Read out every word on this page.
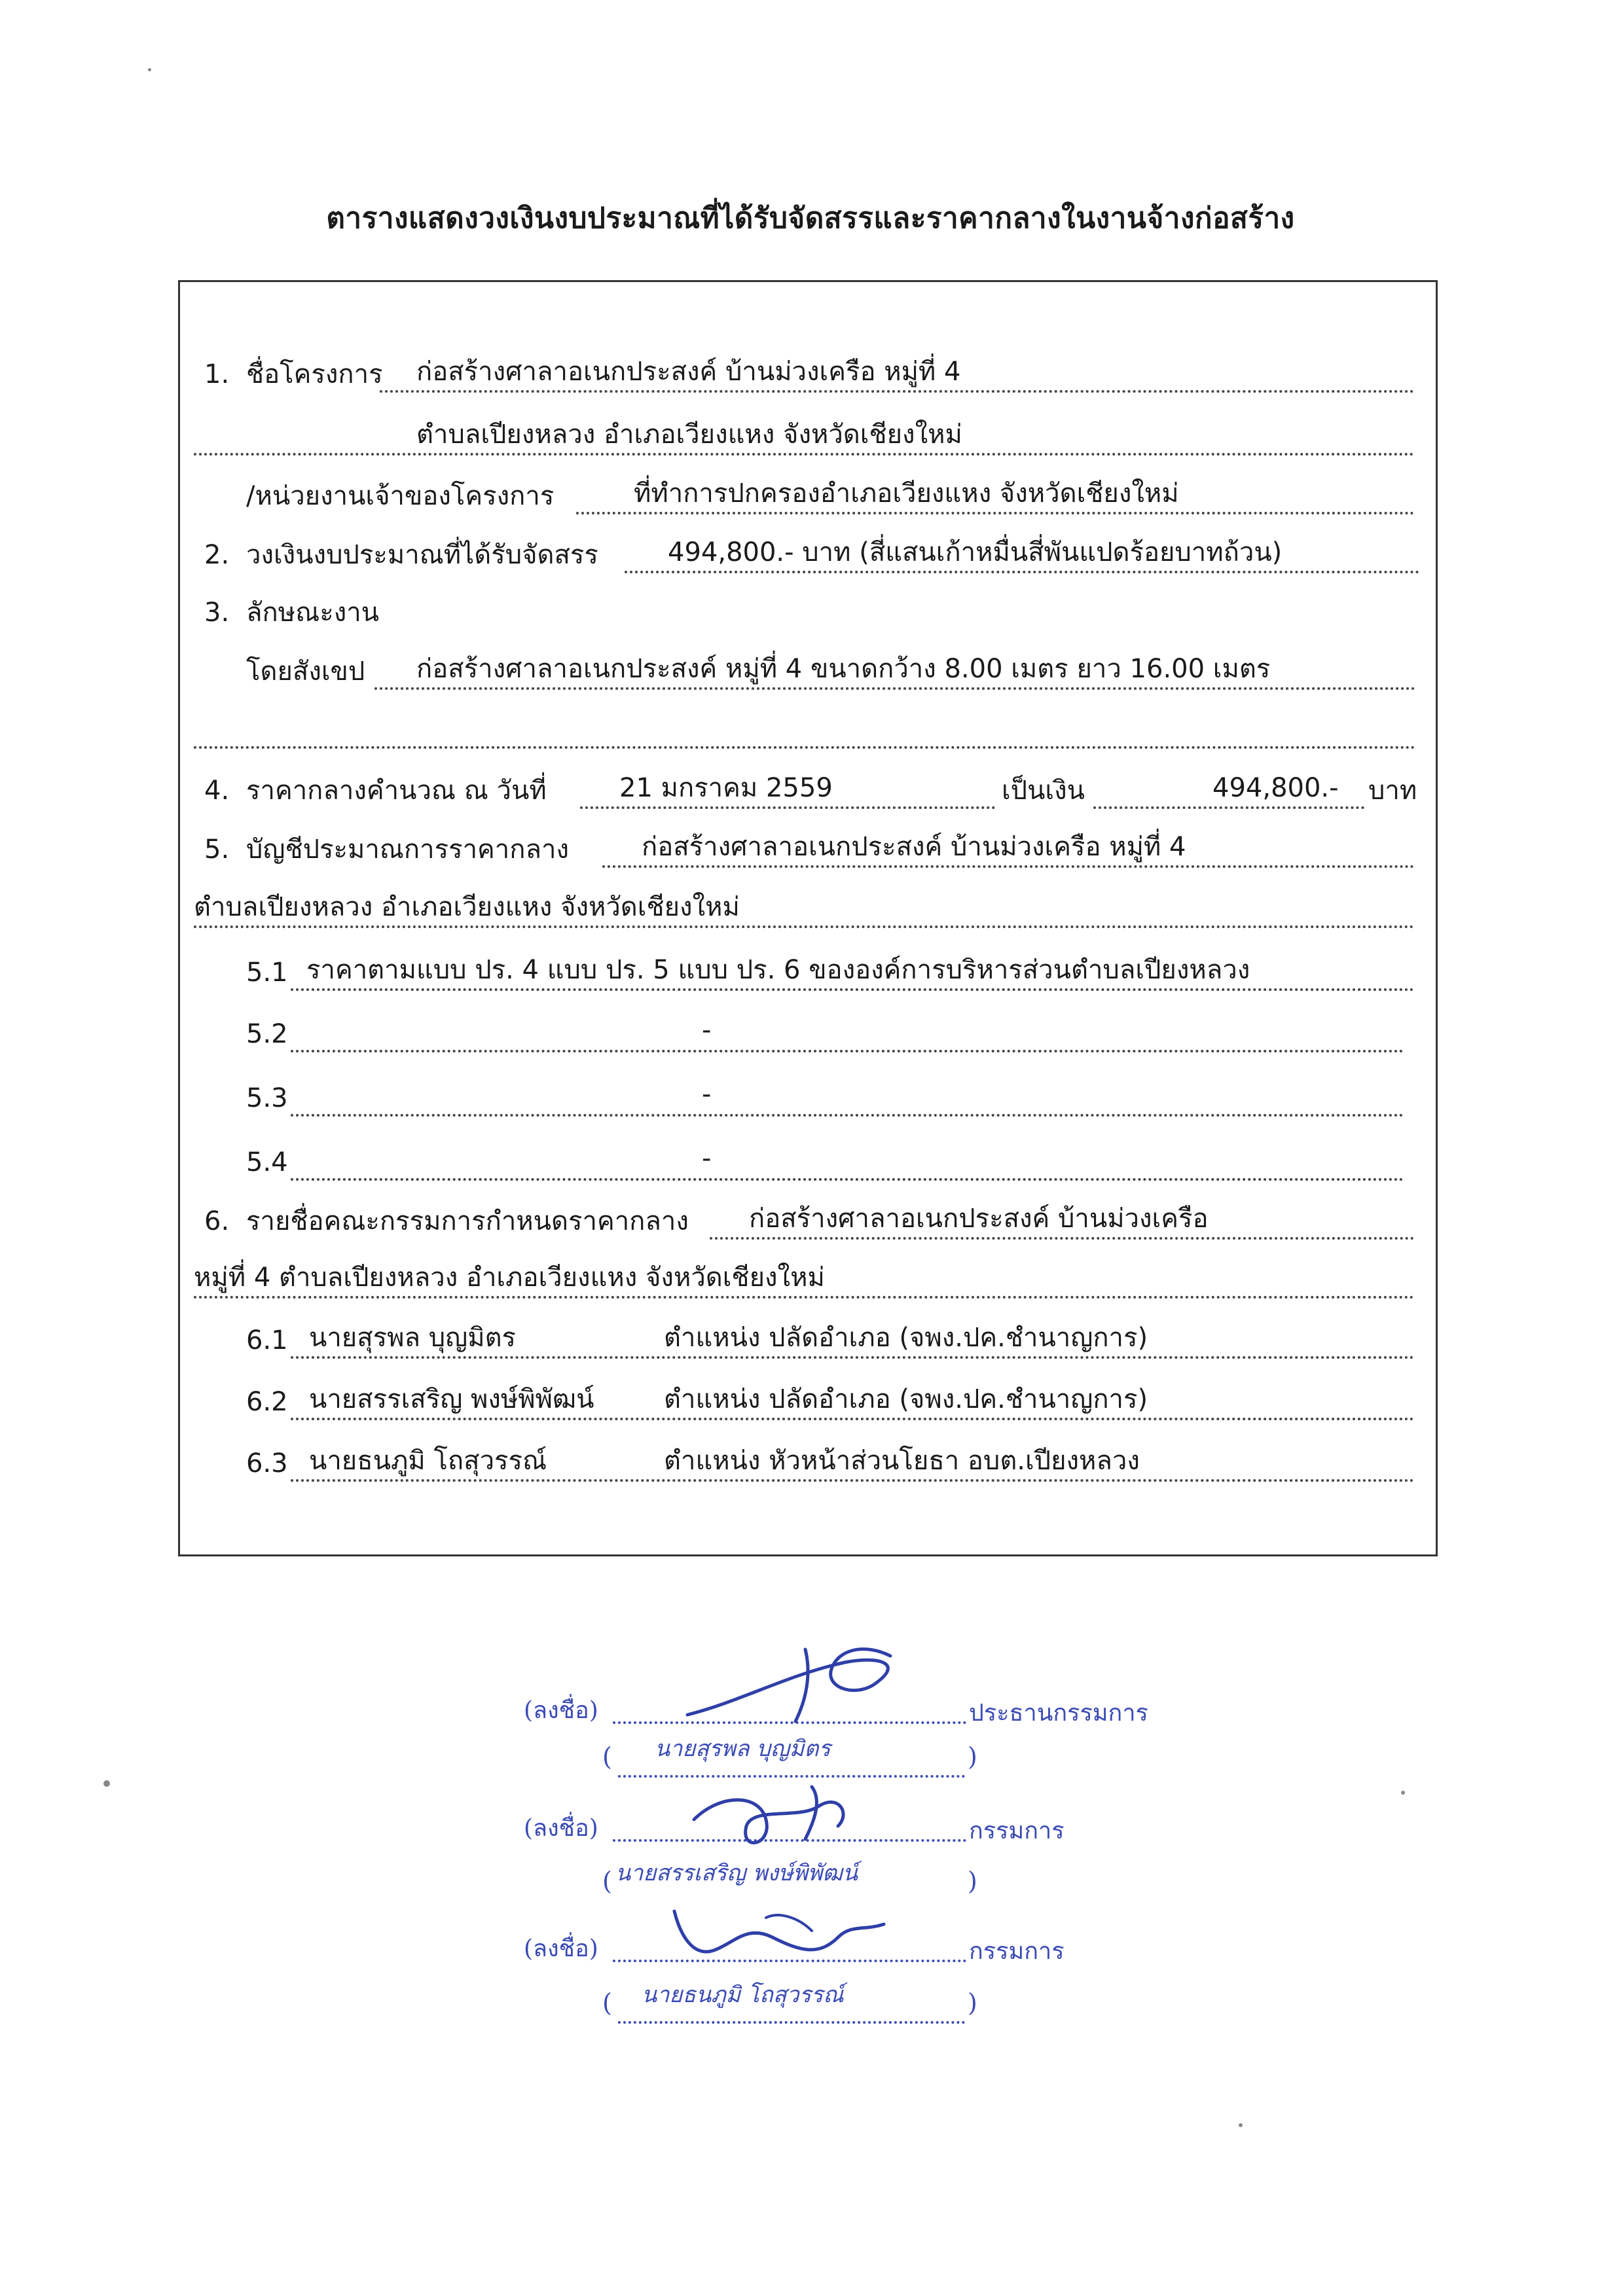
ตารางแสดงวงเงินงบประมาณที่ได้รับจัดสรรและราคากลางในงานจ้างก่อสร้าง
1. ชื่อโครงการ ก่อสร้างศาลาอเนกประสงค์ บ้านม่วงเครือ หมู่ที่ 4
ตำบลเปียงหลวง อำเภอเวียงแหง จังหวัดเชียงใหม่
/หน่วยงานเจ้าของโครงการ	ที่ทำการปกครองอำเภอเวียงแหง จังหวัดเชียงใหม่
2. วงเงินงบประมาณที่ได้รับจัดสรร	494,800.- บาท (สี่แสนเก้าหมื่นสี่พันแปดร้อยบาทถ้วน)
3. ลักษณะงาน
โดยสังเขป ก่อสร้างศาลาอเนกประสงค์ หมู่ที่ 4 ขนาดกว้าง 8.00 เมตร ยาว 16.00 เมตร
4. ราคากลางคำนวณ ณ วันที่	21 มกราคม 2559	เป็นเงิน	494,800.- บาท
5. บัญชีประมาณการราคากลาง	ก่อสร้างศาลาอเนกประสงค์ บ้านม่วงเครือ หมู่ที่ 4
ตำบลเปียงหลวง อำเภอเวียงแหง จังหวัดเชียงใหม่
5.1 ราคาตามแบบ ปร. 4 แบบ ปร. 5 แบบ ปร. 6 ขององค์การบริหารส่วนตำบลเปียงหลวง
5.2	-
5.3	-
5.4	-
6. รายชื่อคณะกรรมการกำหนดราคากลาง ก่อสร้างศาลาอเนกประสงค์ บ้านม่วงเครือ
หมู่ที่ 4 ตำบลเปียงหลวง อำเภอเวียงแหง จังหวัดเชียงใหม่
6.1 นายสุรพล บุญมิตร	ตำแหน่ง ปลัดอำเภอ (จพง.ปค.ชำนาญการ)
6.2 นายสรรเสริญ พงษ์พิพัฒน์	ตำแหน่ง ปลัดอำเภอ (จพง.ปค.ชำนาญการ)
6.3 นายธนภูมิ โถสุวรรณ์	ตำแหน่ง หัวหน้าส่วนโยธา อบต.เปียงหลวง
(ลงชื่อ)	ประธานกรรมการ
( นายสุรพล บุญมิตร	)
(ลงชื่อ)	กรรมการ
( นายสรรเสริญ พงษ์พิพัฒน์	)
(ลงชื่อ)	กรรมการ
( นายธนภูมิ โถสุวรรณ์	)
